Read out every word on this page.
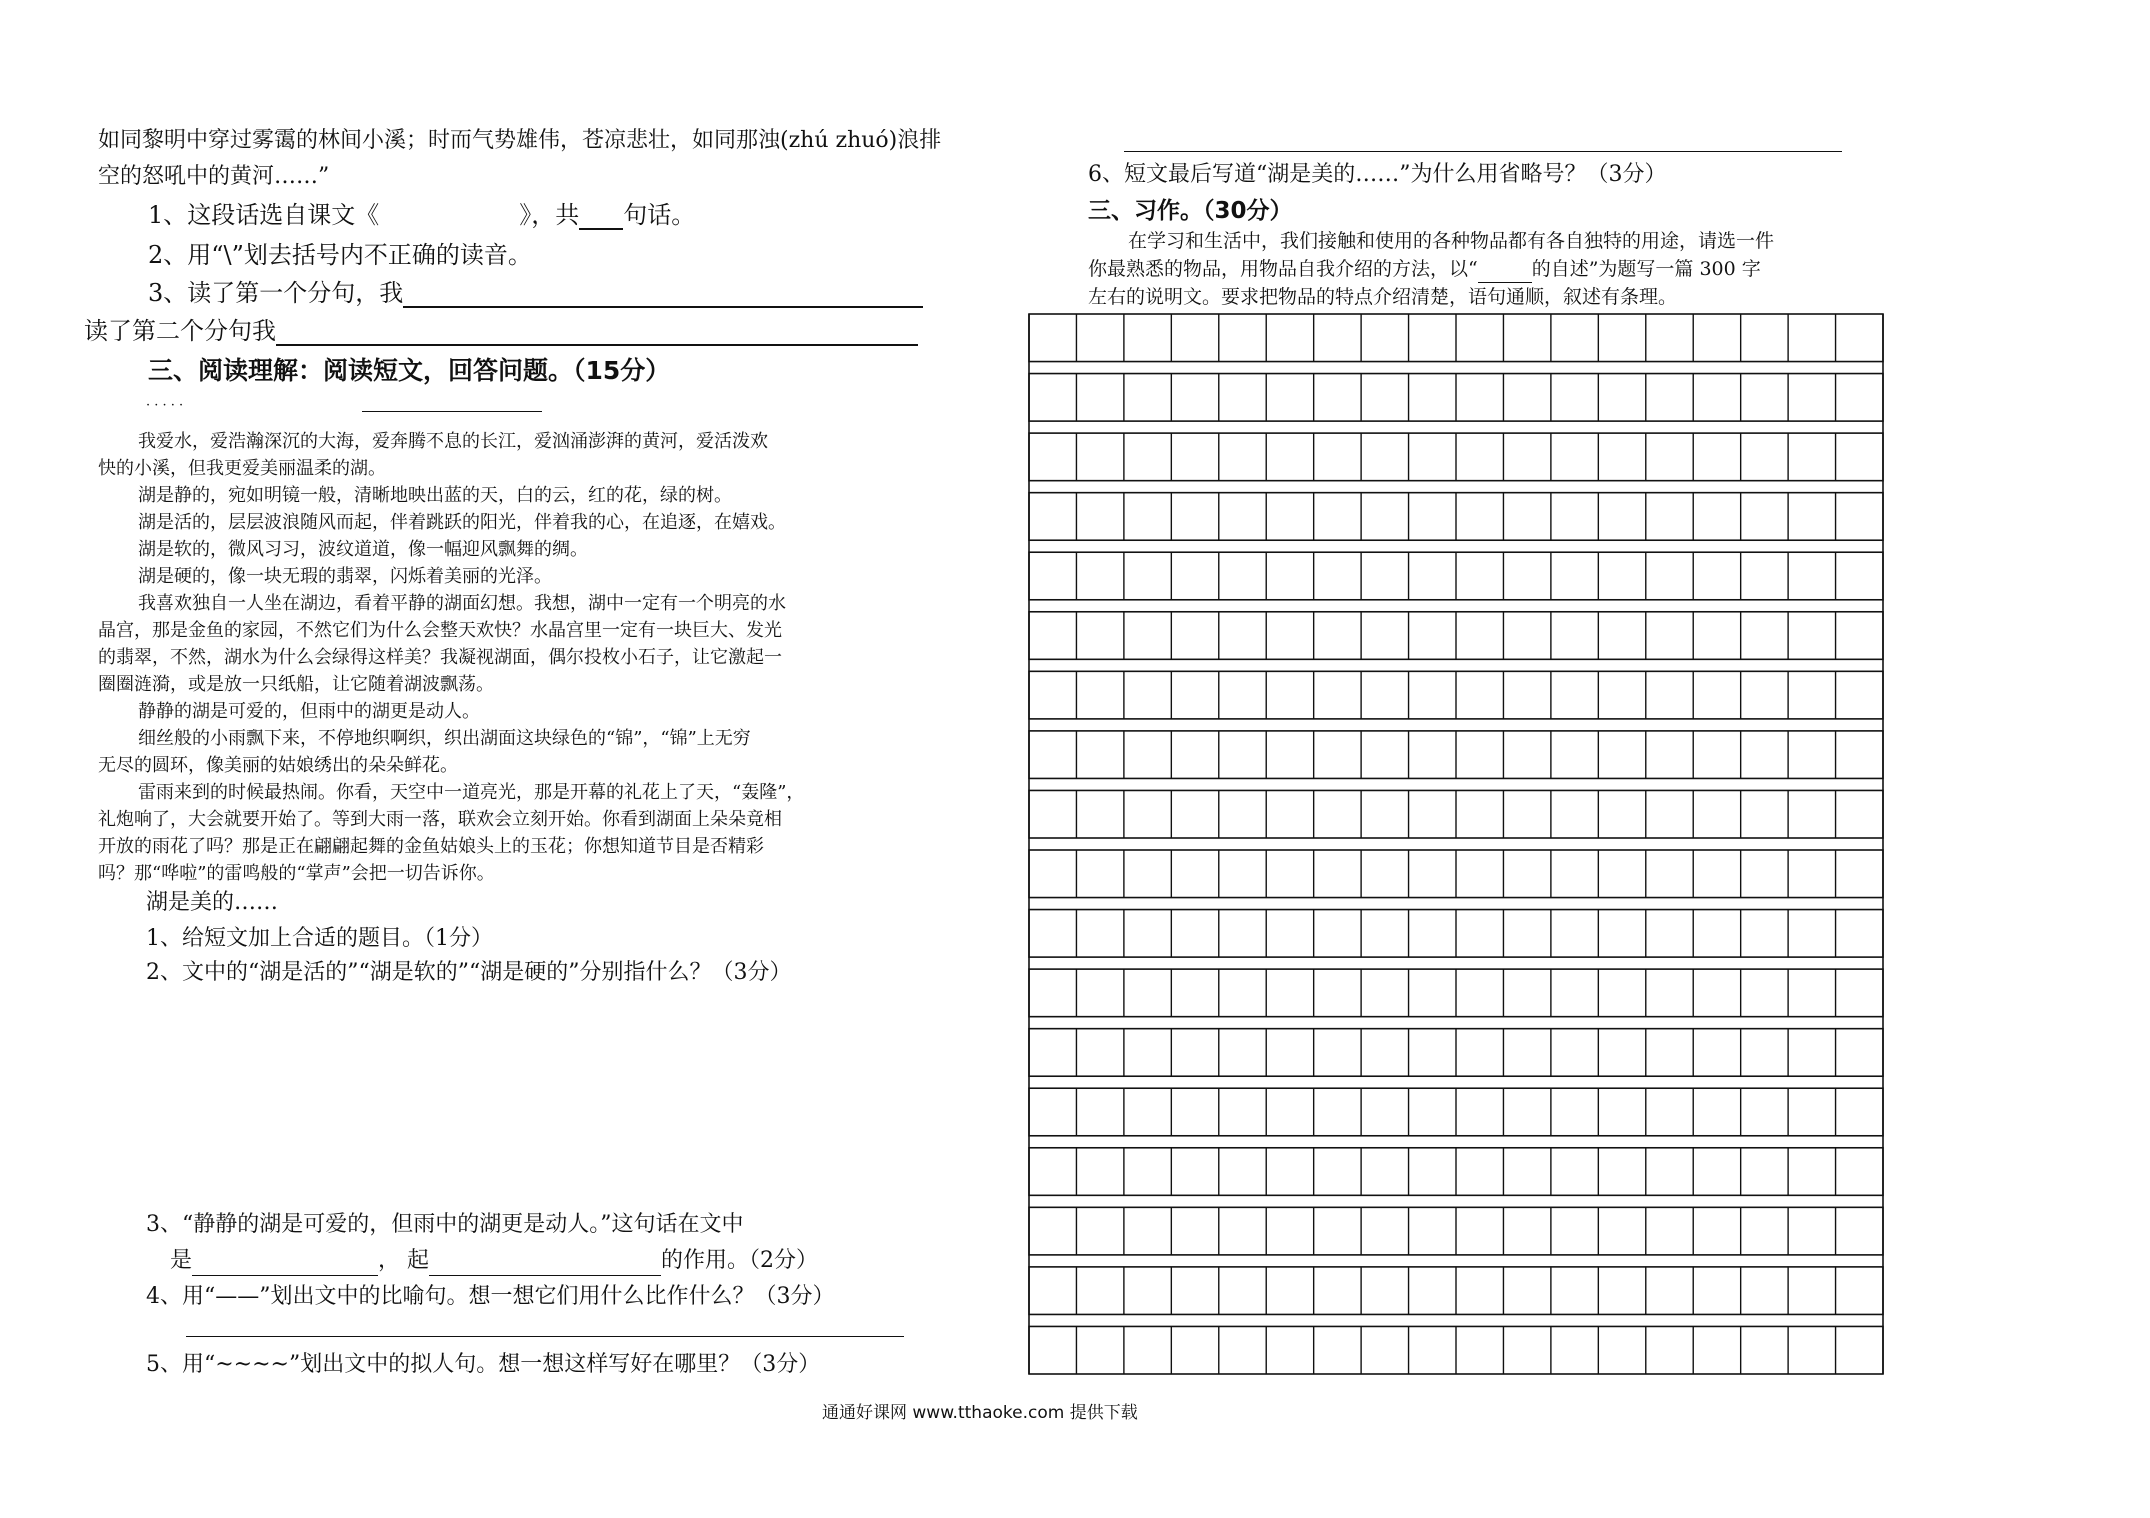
如同黎明中穿过雾霭的林间小溪；时而气势雄伟，苍凉悲壮，如同那浊(zhú zhuó)浪排
空的怒吼中的黄河……”
1、这段话选自课文《	》，共 句话。
2、用“\”划去括号内不正确的读音。
3、读了第一个分句，我
读了第二个分句我
三、阅读理解：阅读短文，回答问题。（15分）
· · · · ·
我爱水，爱浩瀚深沉的大海，爱奔腾不息的长江，爱汹涌澎湃的黄河，爱活泼欢
快的小溪，但我更爱美丽温柔的湖。
湖是静的，宛如明镜一般，清晰地映出蓝的天，白的云，红的花，绿的树。
湖是活的，层层波浪随风而起，伴着跳跃的阳光，伴着我的心，在追逐，在嬉戏。
湖是软的，微风习习，波纹道道，像一幅迎风飘舞的绸。
湖是硬的，像一块无瑕的翡翠，闪烁着美丽的光泽。
我喜欢独自一人坐在湖边，看着平静的湖面幻想。我想，湖中一定有一个明亮的水
晶宫，那是金鱼的家园，不然它们为什么会整天欢快？水晶宫里一定有一块巨大、发光
的翡翠，不然，湖水为什么会绿得这样美？我凝视湖面，偶尔投枚小石子，让它激起一
圈圈涟漪，或是放一只纸船，让它随着湖波飘荡。
静静的湖是可爱的，但雨中的湖更是动人。
细丝般的小雨飘下来，不停地织啊织，织出湖面这块绿色的“锦”，“锦”上无穷
无尽的圆环，像美丽的姑娘绣出的朵朵鲜花。
雷雨来到的时候最热闹。你看，天空中一道亮光，那是开幕的礼花上了天，“轰隆”，
礼炮响了，大会就要开始了。等到大雨一落，联欢会立刻开始。你看到湖面上朵朵竟相
开放的雨花了吗？那是正在翩翩起舞的金鱼姑娘头上的玉花；你想知道节目是否精彩
吗？那“哗啦”的雷鸣般的“掌声”会把一切告诉你。
湖是美的……
1、给短文加上合适的题目。（1分）
2、文中的“湖是活的”“湖是软的”“湖是硬的”分别指什么？（3分）
3、“静静的湖是可爱的，但雨中的湖更是动人。”这句话在文中
是	， 起	的作用。（2分）
4、用“——”划出文中的比喻句。想一想它们用什么比作什么？（3分）
5、用“~~~~”划出文中的拟人句。想一想这样写好在哪里？（3分）
6、短文最后写道“湖是美的……”为什么用省略号？（3分）
三、习作。（30分）
在学习和生活中，我们接触和使用的各种物品都有各自独特的用途，请选一件
你最熟悉的物品，用物品自我介绍的方法，以“	的自述”为题写一篇 300 字
左右的说明文。要求把物品的特点介绍清楚，语句通顺，叙述有条理。
通通好课网 www.tthaoke.com 提供下载
